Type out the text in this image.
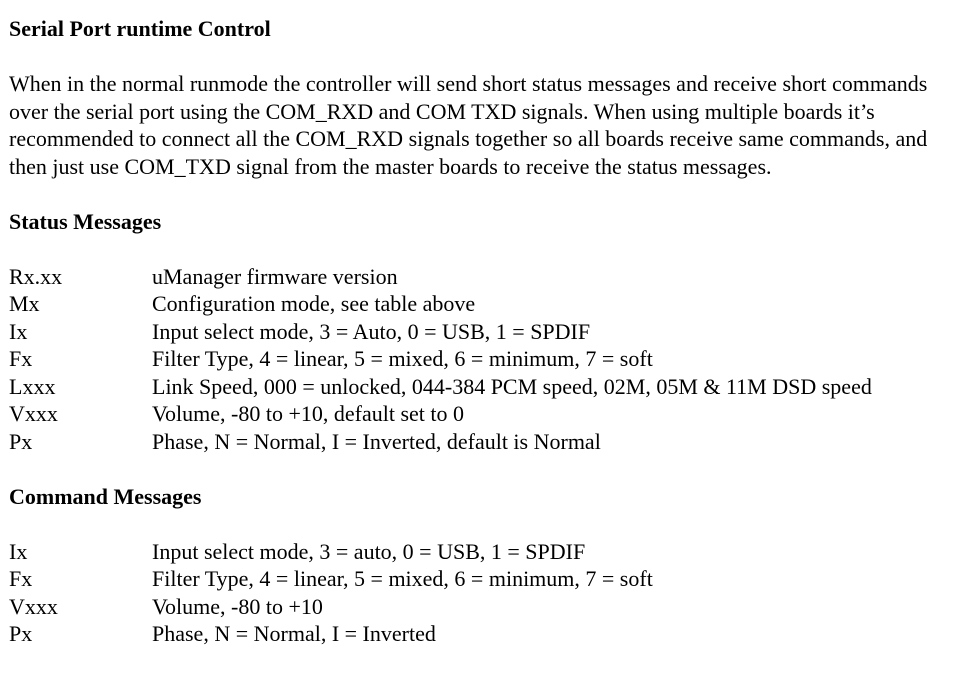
Serial Port runtime Control

When in the normal runmode the controller will send short status messages and receive short commands over the serial port using the COM_RXD and COM TXD signals. When using multiple boards it’s recommended to connect all the COM_RXD signals together so all boards receive same commands, and then just use COM_TXD signal from the master boards to receive the status messages.

Status Messages
Rx.xx	uManager firmware version
Mx	Configuration mode, see table above
Ix	Input select mode, 3 = Auto, 0 = USB, 1 = SPDIF
Fx	Filter Type, 4 = linear, 5 = mixed, 6 = minimum, 7 = soft
Lxxx	Link Speed, 000 = unlocked, 044-384 PCM speed, 02M, 05M & 11M DSD speed
Vxxx	Volume, -80 to +10, default set to 0
Px	Phase, N = Normal, I = Inverted, default is Normal
Command Messages
Ix	Input select mode, 3 = auto, 0 = USB, 1 = SPDIF
Fx	Filter Type, 4 = linear, 5 = mixed, 6 = minimum, 7 = soft
Vxxx	Volume, -80 to +10
Px	Phase, N = Normal, I = Inverted
